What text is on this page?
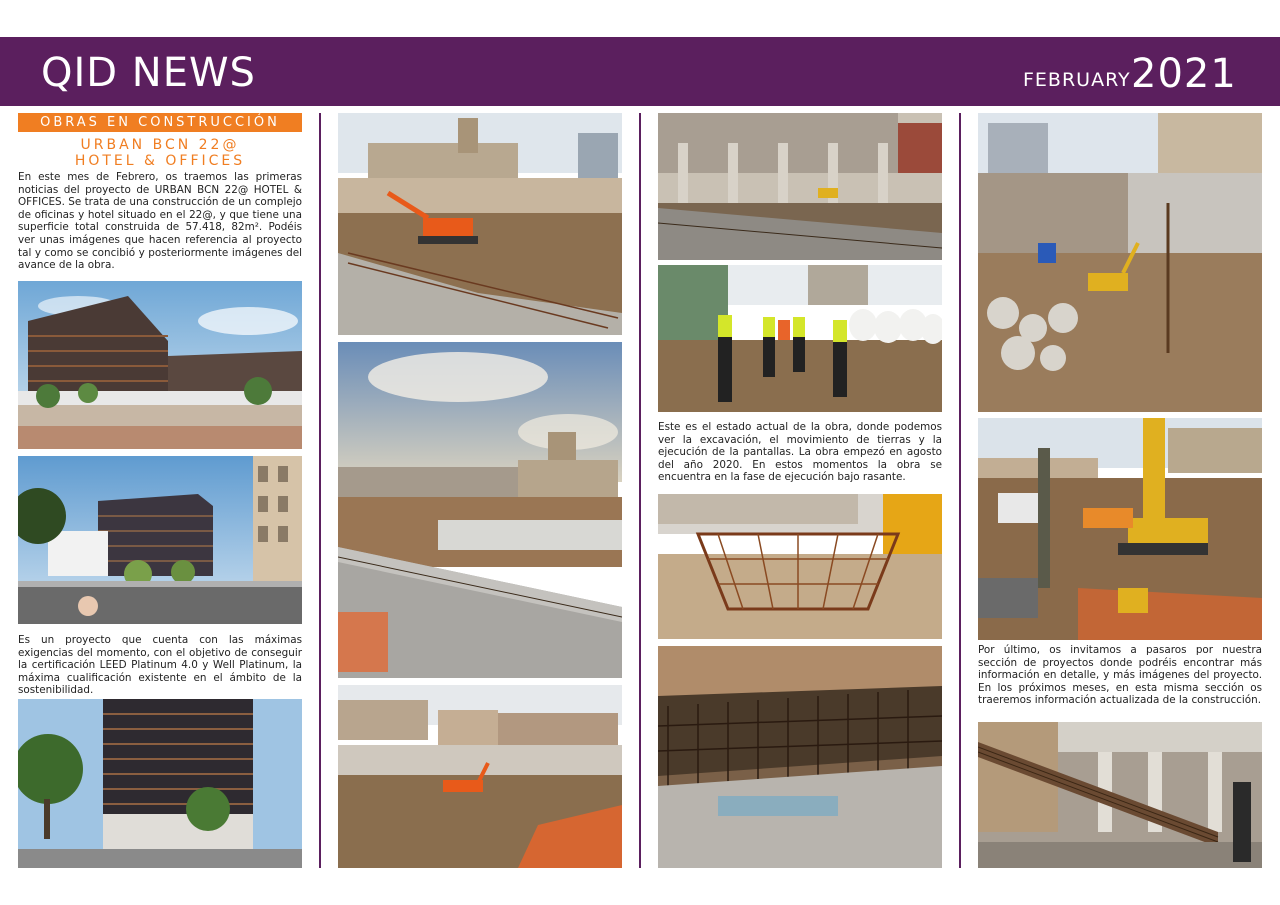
QID NEWS	FEBRUARY 2021
OBRAS EN CONSTRUCCIÓN
URBAN BCN 22@
HOTEL & OFFICES
En este mes de Febrero, os traemos las primeras noticias del proyecto de URBAN BCN 22@ HOTEL & OFFICES. Se trata de una construcción de un complejo de oficinas y hotel situado en el 22@, y que tiene una superficie total construida de 57.418, 82m². Podéis ver unas imágenes que hacen referencia al proyecto tal y como se concibió y posteriormente imágenes del avance de la obra.
Es un proyecto que cuenta con las máximas exigencias del momento, con el objetivo de conseguir la certificación LEED Platinum 4.0 y Well Platinum, la máxima cualificación existente en el ámbito de la sostenibilidad.
Este es el estado actual de la obra, donde podemos ver la excavación, el movimiento de tierras y la ejecución de la pantallas. La obra empezó en agosto del año 2020. En estos momentos la obra se encuentra en la fase de ejecución bajo rasante.
Por último, os invitamos a pasaros por nuestra sección de proyectos donde podréis encontrar más información en detalle, y más imágenes del proyecto. En los próximos meses, en esta misma sección os traeremos información actualizada de la construcción.
